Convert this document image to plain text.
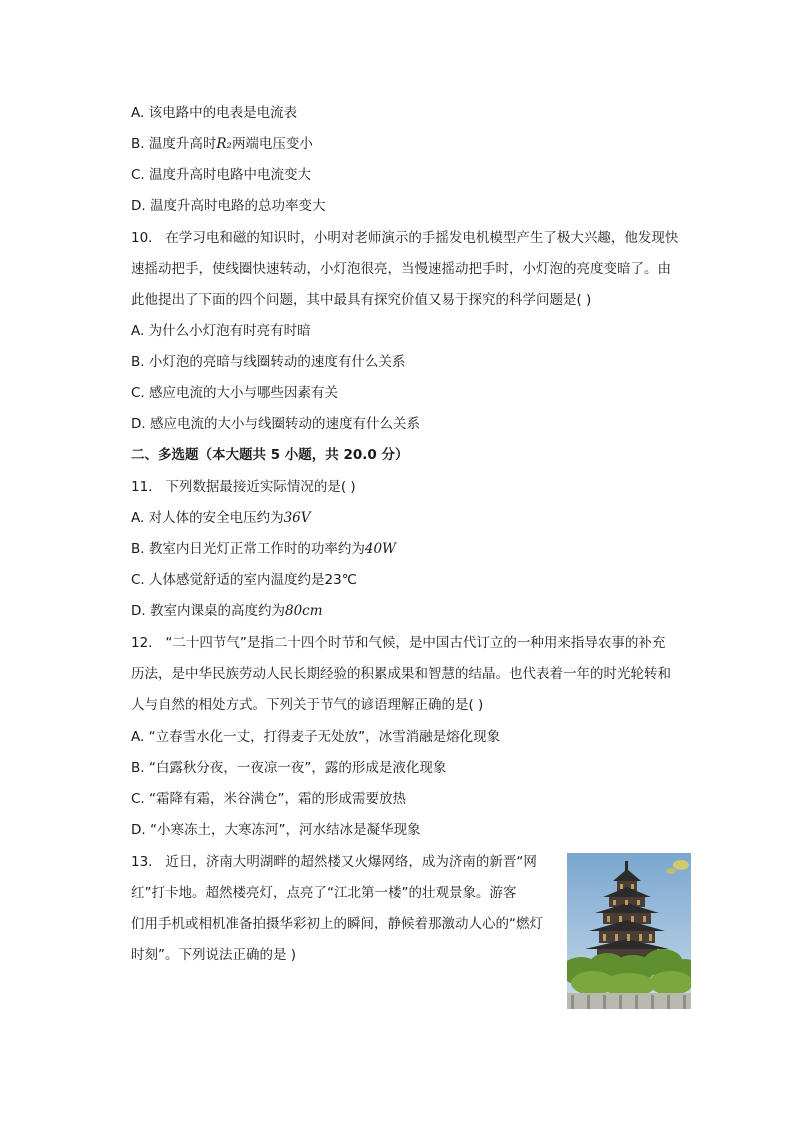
A. 该电路中的电表是电流表
B. 温度升高时R₂两端电压变小
C. 温度升高时电路中电流变大
D. 温度升高时电路的总功率变大
10. 在学习电和磁的知识时，小明对老师演示的手摇发电机模型产生了极大兴趣，他发现快
速摇动把手，使线圈快速转动，小灯泡很亮，当慢速摇动把手时，小灯泡的亮度变暗了。由
此他提出了下面的四个问题，其中最具有探究价值又易于探究的科学问题是( )
A. 为什么小灯泡有时亮有时暗
B. 小灯泡的亮暗与线圈转动的速度有什么关系
C. 感应电流的大小与哪些因素有关
D. 感应电流的大小与线圈转动的速度有什么关系
二、多选题（本大题共 5 小题，共 20.0 分）
11. 下列数据最接近实际情况的是( )
A. 对人体的安全电压约为36V
B. 教室内日光灯正常工作时的功率约为40W
C. 人体感觉舒适的室内温度约是23℃
D. 教室内课桌的高度约为80cm
12. “二十四节气”是指二十四个时节和气候，是中国古代订立的一种用来指导农事的补充
历法，是中华民族劳动人民长期经验的积累成果和智慧的结晶。也代表着一年的时光轮转和
人与自然的相处方式。下列关于节气的谚语理解正确的是( )
A. “立春雪水化一丈，打得麦子无处放”，冰雪消融是熔化现象
B. “白露秋分夜，一夜凉一夜”，露的形成是液化现象
C. “霜降有霜，米谷满仓”，霜的形成需要放热
D. “小寒冻土，大寒冻河”，河水结冰是凝华现象
13. 近日，济南大明湖畔的超然楼又火爆网络，成为济南的新晋“网
红”打卡地。超然楼亮灯，点亮了“江北第一楼”的壮观景象。游客
们用手机或相机准备拍摄华彩初上的瞬间，静候着那激动人心的“燃灯
时刻”。下列说法正确的是 )
